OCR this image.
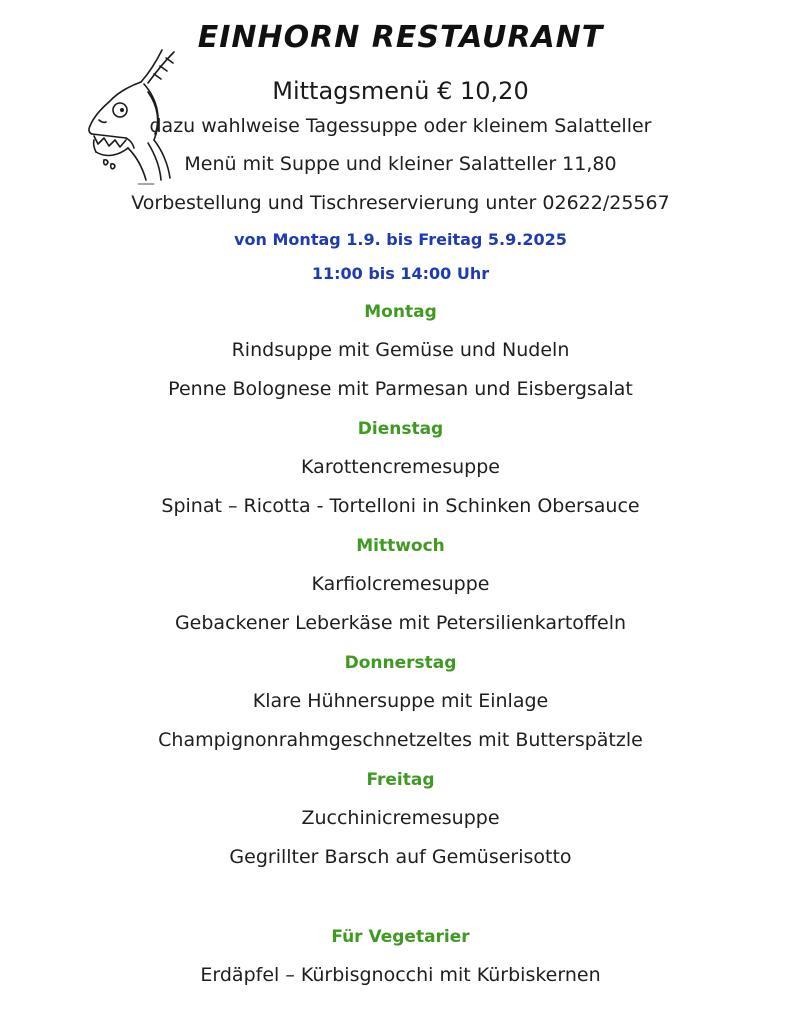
EINHORN RESTAURANT
Mittagsmenü € 10,20
dazu wahlweise Tagessuppe oder kleinem Salatteller
Menü mit Suppe und kleiner Salatteller 11,80
Vorbestellung und Tischreservierung unter 02622/25567
von Montag 1.9. bis Freitag 5.9.2025
11:00 bis 14:00 Uhr
Montag
Rindsuppe mit Gemüse und Nudeln
Penne Bolognese mit Parmesan und Eisbergsalat
Dienstag
Karottencremesuppe
Spinat – Ricotta - Tortelloni in Schinken Obersauce
Mittwoch
Karfiolcremesuppe
Gebackener Leberkäse mit Petersilienkartoffeln
Donnerstag
Klare Hühnersuppe mit Einlage
Champignonrahmgeschnetzeltes mit Butterspätzle
Freitag
Zucchinicremesuppe
Gegrillter Barsch auf Gemüserisotto
Für Vegetarier
Erdäpfel – Kürbisgnocchi mit Kürbiskernen
